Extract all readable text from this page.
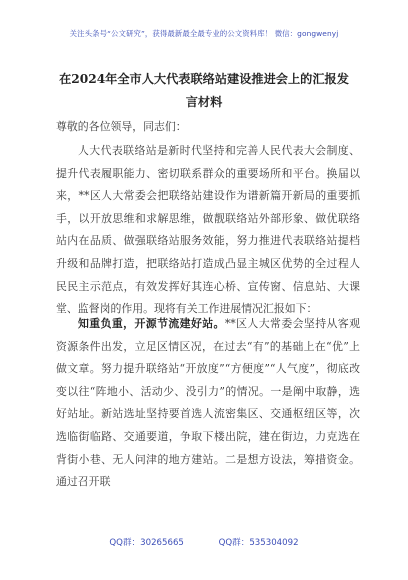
关注头条号“公文研究”，获得最新最全最专业的公文资料库！ 微信：gongwenyj
在2024年全市人大代表联络站建设推进会上的汇报发言材料

尊敬的各位领导，同志们：

人大代表联络站是新时代坚持和完善人民代表大会制度、提升代表履职能力、密切联系群众的重要场所和平台。换届以来，**区人大常委会把联络站建设作为谱新篇开新局的重要抓手，以开放思维和求解思维，做靓联络站外部形象、做优联络站内在品质、做强联络站服务效能，努力推进代表联络站提档升级和品牌打造，把联络站打造成凸显主城区优势的全过程人民民主示范点，有效发挥好其连心桥、宣传窗、信息站、大课堂、监督岗的作用。现将有关工作进展情况汇报如下：

知重负重，开源节流建好站。**区人大常委会坚持从客观资源条件出发，立足区情区况，在过去“有”的基础上在“优”上做文章。努力提升联络站“开放度”“方便度”“人气度”，彻底改变以往“阵地小、活动少、没引力”的情况。一是阐中取静，选好站址。新站选址坚持要首选人流密集区、交通枢纽区等，次选临街临路、交通要道，争取下楼出院，建在街边，力克选在背街小巷、无人问津的地方建站。二是想方设法，筹措资金。通过召开联

QQ群：30265665	QQ群：535304092
